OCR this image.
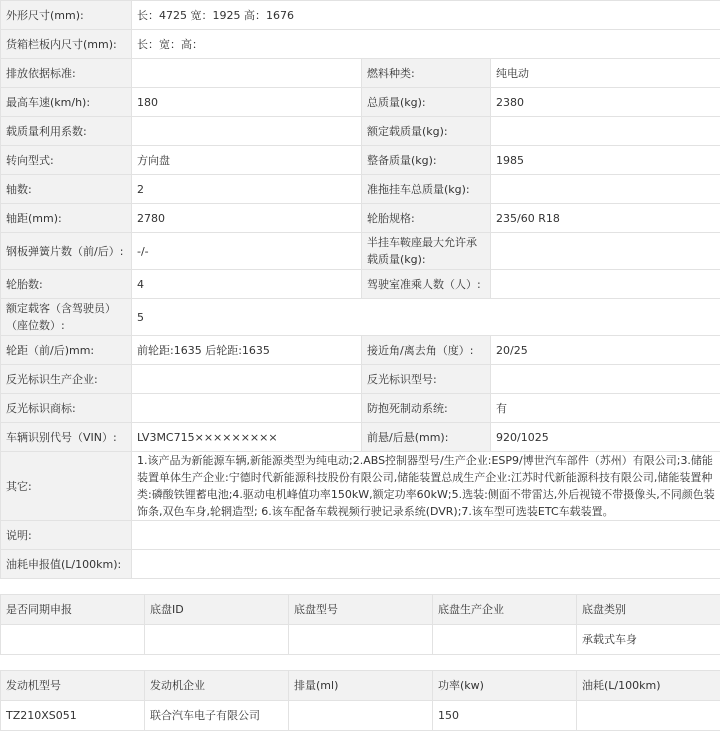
外形尺寸(mm):	长：4725 宽：1925 高：1676		
货箱栏板内尺寸(mm):	长：宽：高：		
排放依据标准:		燃料种类:	纯电动
最高车速(km/h):	180	总质量(kg):	2380
载质量利用系数:		额定载质量(kg):	
转向型式:	方向盘	整备质量(kg):	1985
轴数:	2	准拖挂车总质量(kg):	
轴距(mm):	2780	轮胎规格:	235/60 R18
钢板弹簧片数（前/后）:	-/-	半挂车鞍座最大允许承载质量(kg):	
轮胎数:	4	驾驶室准乘人数（人）:	
额定载客（含驾驶员）（座位数）:	5		
轮距（前/后)mm:	前轮距:1635 后轮距:1635	接近角/离去角（度）:	20/25
反光标识生产企业:		反光标识型号:	
反光标识商标:		防抱死制动系统:	有
车辆识别代号（VIN）:	LV3MC715×××××××××	前悬/后悬(mm):	920/1025
其它:	1.该产品为新能源车辆,新能源类型为纯电动;2.ABS控制器型号/生产企业:ESP9/博世汽车部件（苏州）有限公司;3.储能装置单体生产企业:宁德时代新能源科技股份有限公司,储能装置总成生产企业:江苏时代新能源科技有限公司,储能装置种类:磷酸铁锂蓄电池;4.驱动电机峰值功率150kW,额定功率60kW;5.选装:侧面不带雷达,外后视镜不带摄像头,不同颜色装饰条,双色车身,轮辋造型; 6.该车配备车载视频行驶记录系统(DVR);7.该车型可选装ETC车载装置。		
说明:			
油耗申报值(L/100km):			
是否同期申报	底盘ID	底盘型号	底盘生产企业	底盘类别
				承载式车身
发动机型号	发动机企业	排量(ml)	功率(kw)	油耗(L/100km)
TZ210XS051	联合汽车电子有限公司		150	
